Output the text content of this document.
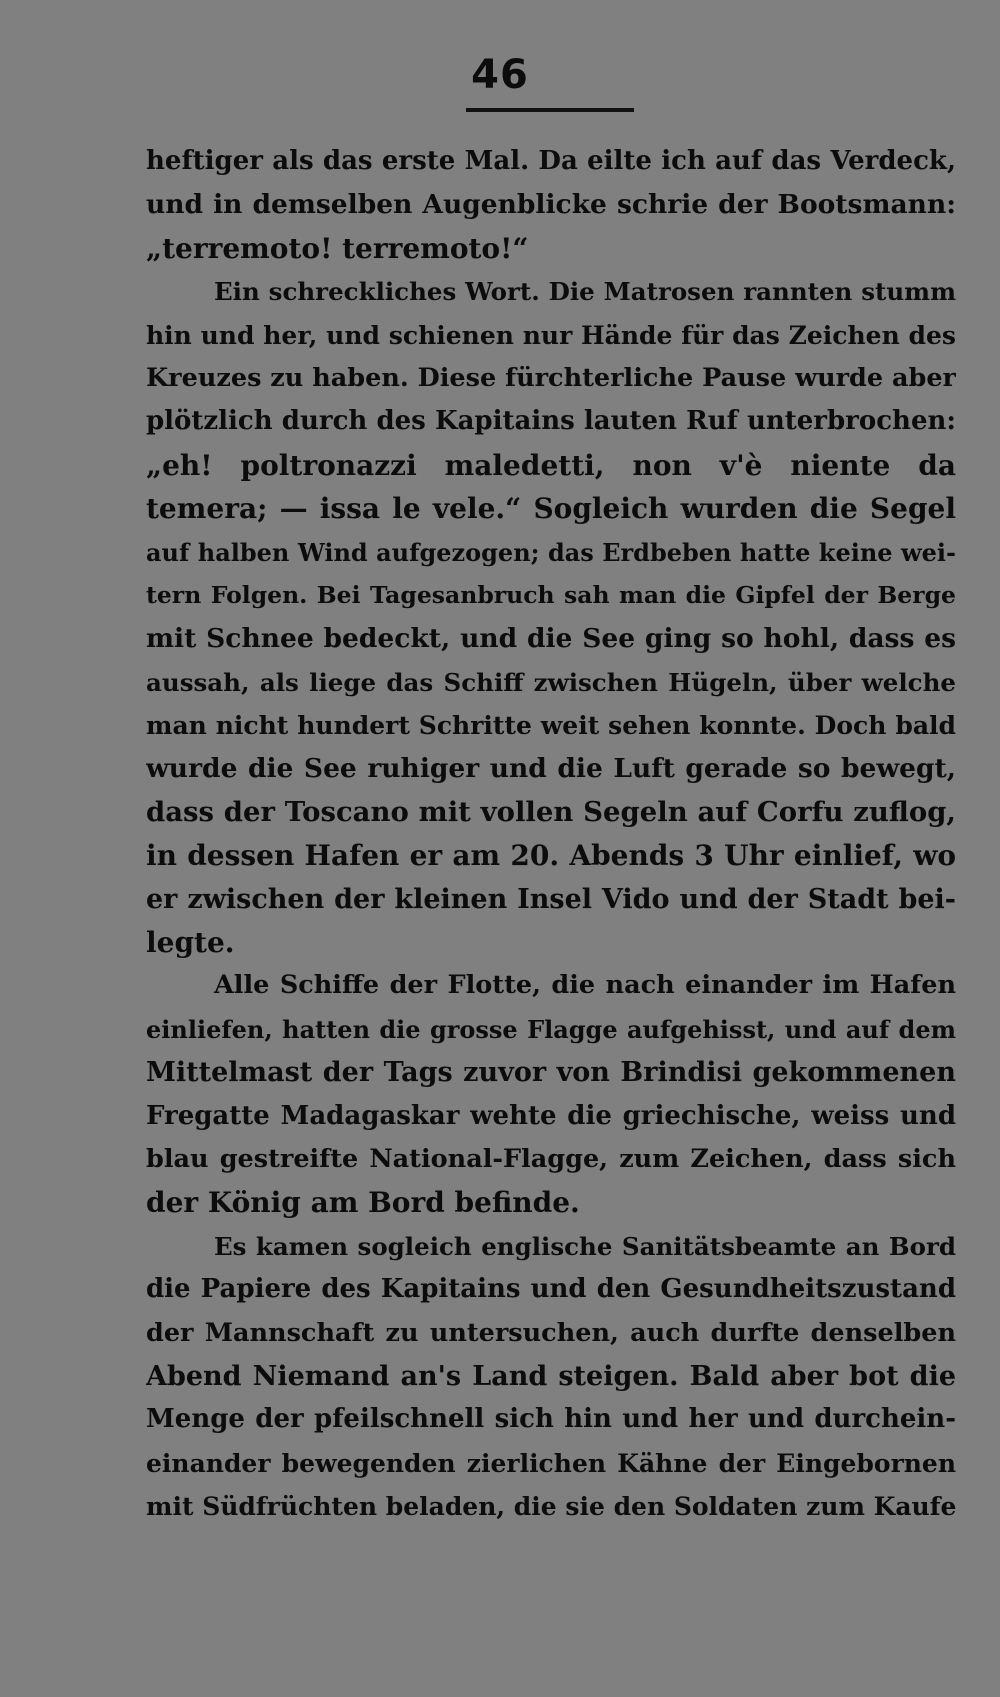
46
heftiger als das erste Mal. Da eilte ich auf das Verdeck,
und in demselben Augenblicke schrie der Bootsmann:
„terremoto! terremoto!“
Ein schreckliches Wort. Die Matrosen rannten stumm
hin und her, und schienen nur Hände für das Zeichen des
Kreuzes zu haben. Diese fürchterliche Pause wurde aber
plötzlich durch des Kapitains lauten Ruf unterbrochen:
„eh! poltronazzi maledetti, non v'è niente da
temera; — issa le vele.“ Sogleich wurden die Segel
auf halben Wind aufgezogen; das Erdbeben hatte keine wei-
tern Folgen. Bei Tagesanbruch sah man die Gipfel der Berge
mit Schnee bedeckt, und die See ging so hohl, dass es
aussah, als liege das Schiff zwischen Hügeln, über welche
man nicht hundert Schritte weit sehen konnte. Doch bald
wurde die See ruhiger und die Luft gerade so bewegt,
dass der Toscano mit vollen Segeln auf Corfu zuflog,
in dessen Hafen er am 20. Abends 3 Uhr einlief, wo
er zwischen der kleinen Insel Vido und der Stadt bei-
legte.
Alle Schiffe der Flotte, die nach einander im Hafen
einliefen, hatten die grosse Flagge aufgehisst, und auf dem
Mittelmast der Tags zuvor von Brindisi gekommenen
Fregatte Madagaskar wehte die griechische, weiss und
blau gestreifte National-Flagge, zum Zeichen, dass sich
der König am Bord befinde.
Es kamen sogleich englische Sanitätsbeamte an Bord
die Papiere des Kapitains und den Gesundheitszustand
der Mannschaft zu untersuchen, auch durfte denselben
Abend Niemand an's Land steigen. Bald aber bot die
Menge der pfeilschnell sich hin und her und durchein-
einander bewegenden zierlichen Kähne der Eingebornen
mit Südfrüchten beladen, die sie den Soldaten zum Kaufe
